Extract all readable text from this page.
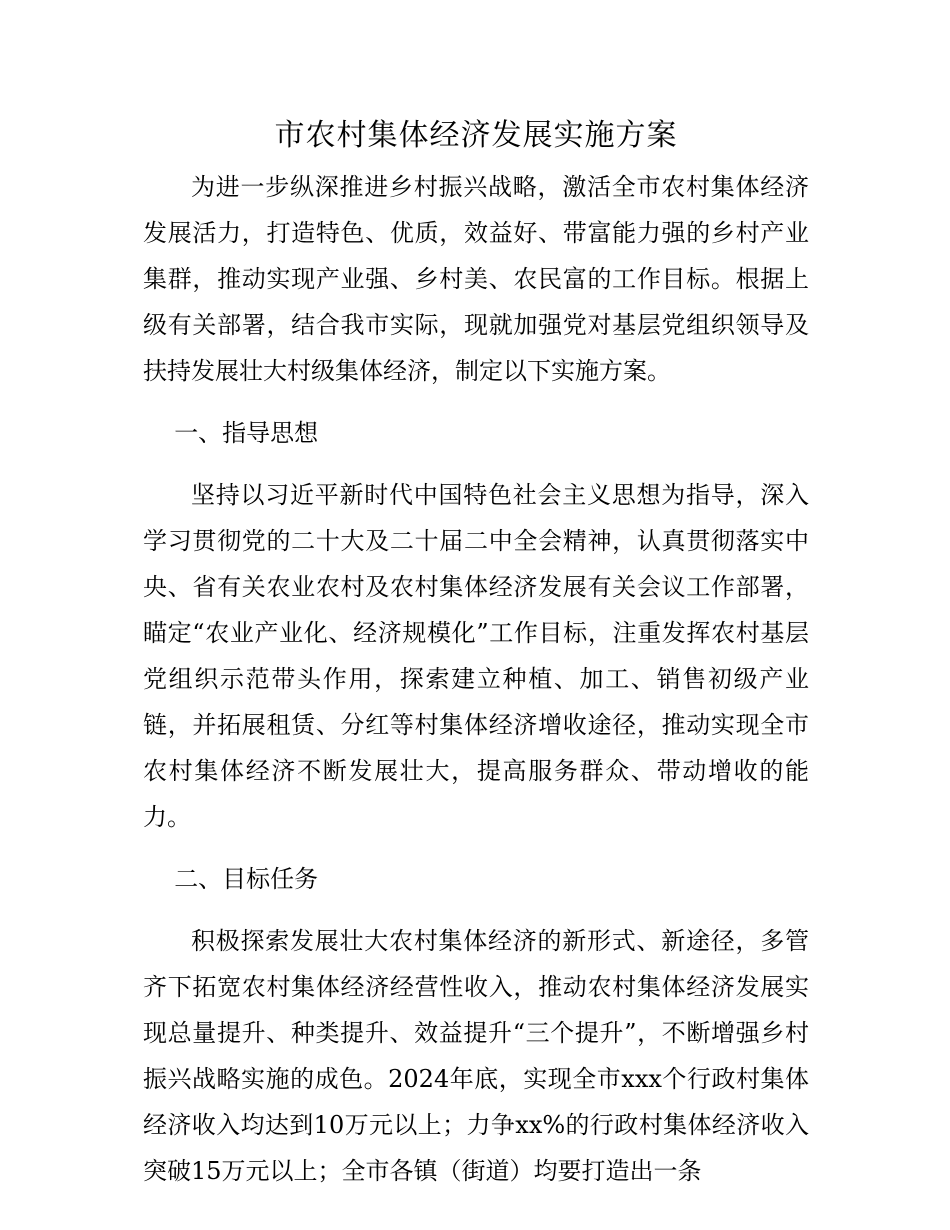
市农村集体经济发展实施方案

为进一步纵深推进乡村振兴战略，激活全市农村集体经济发展活力，打造特色、优质，效益好、带富能力强的乡村产业集群，推动实现产业强、乡村美、农民富的工作目标。根据上级有关部署，结合我市实际，现就加强党对基层党组织领导及扶持发展壮大村级集体经济，制定以下实施方案。

一、指导思想

坚持以习近平新时代中国特色社会主义思想为指导，深入学习贯彻党的二十大及二十届二中全会精神，认真贯彻落实中央、省有关农业农村及农村集体经济发展有关会议工作部署，瞄定“农业产业化、经济规模化”工作目标，注重发挥农村基层党组织示范带头作用，探索建立种植、加工、销售初级产业链，并拓展租赁、分红等村集体经济增收途径，推动实现全市农村集体经济不断发展壮大，提高服务群众、带动增收的能力。

二、目标任务

积极探索发展壮大农村集体经济的新形式、新途径，多管齐下拓宽农村集体经济经营性收入，推动农村集体经济发展实现总量提升、种类提升、效益提升“三个提升”，不断增强乡村振兴战略实施的成色。2024年底，实现全市xxx个行政村集体经济收入均达到10万元以上；力争xx%的行政村集体经济收入突破15万元以上；全市各镇（街道）均要打造出一条
